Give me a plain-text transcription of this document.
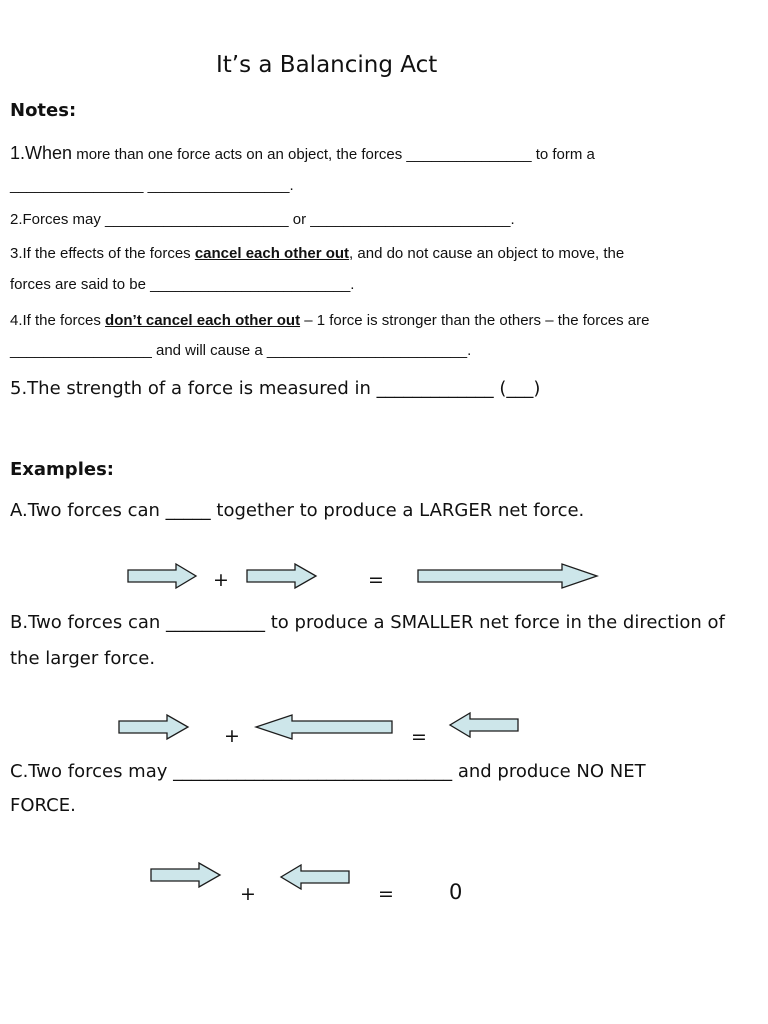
It’s a Balancing Act
Notes:
1.When more than one force acts on an object, the forces _______________ to form a
________________ _________________.
2.Forces may ______________________ or ________________________.
3.If the effects of the forces cancel each other out, and do not cause an object to move, the
forces are said to be ________________________.
4.If the forces don’t cancel each other out – 1 force is stronger than the others – the forces are
_________________ and will cause a ________________________.
5.The strength of a force is measured in _____________ (___)
Examples:
A.Two forces can _____ together to produce a LARGER net force.
+	=
B.Two forces can ___________ to produce a SMALLER net force in the direction of
the larger force.
+	=
C.Two forces may _______________________________ and produce NO NET
FORCE.
+	=	0
